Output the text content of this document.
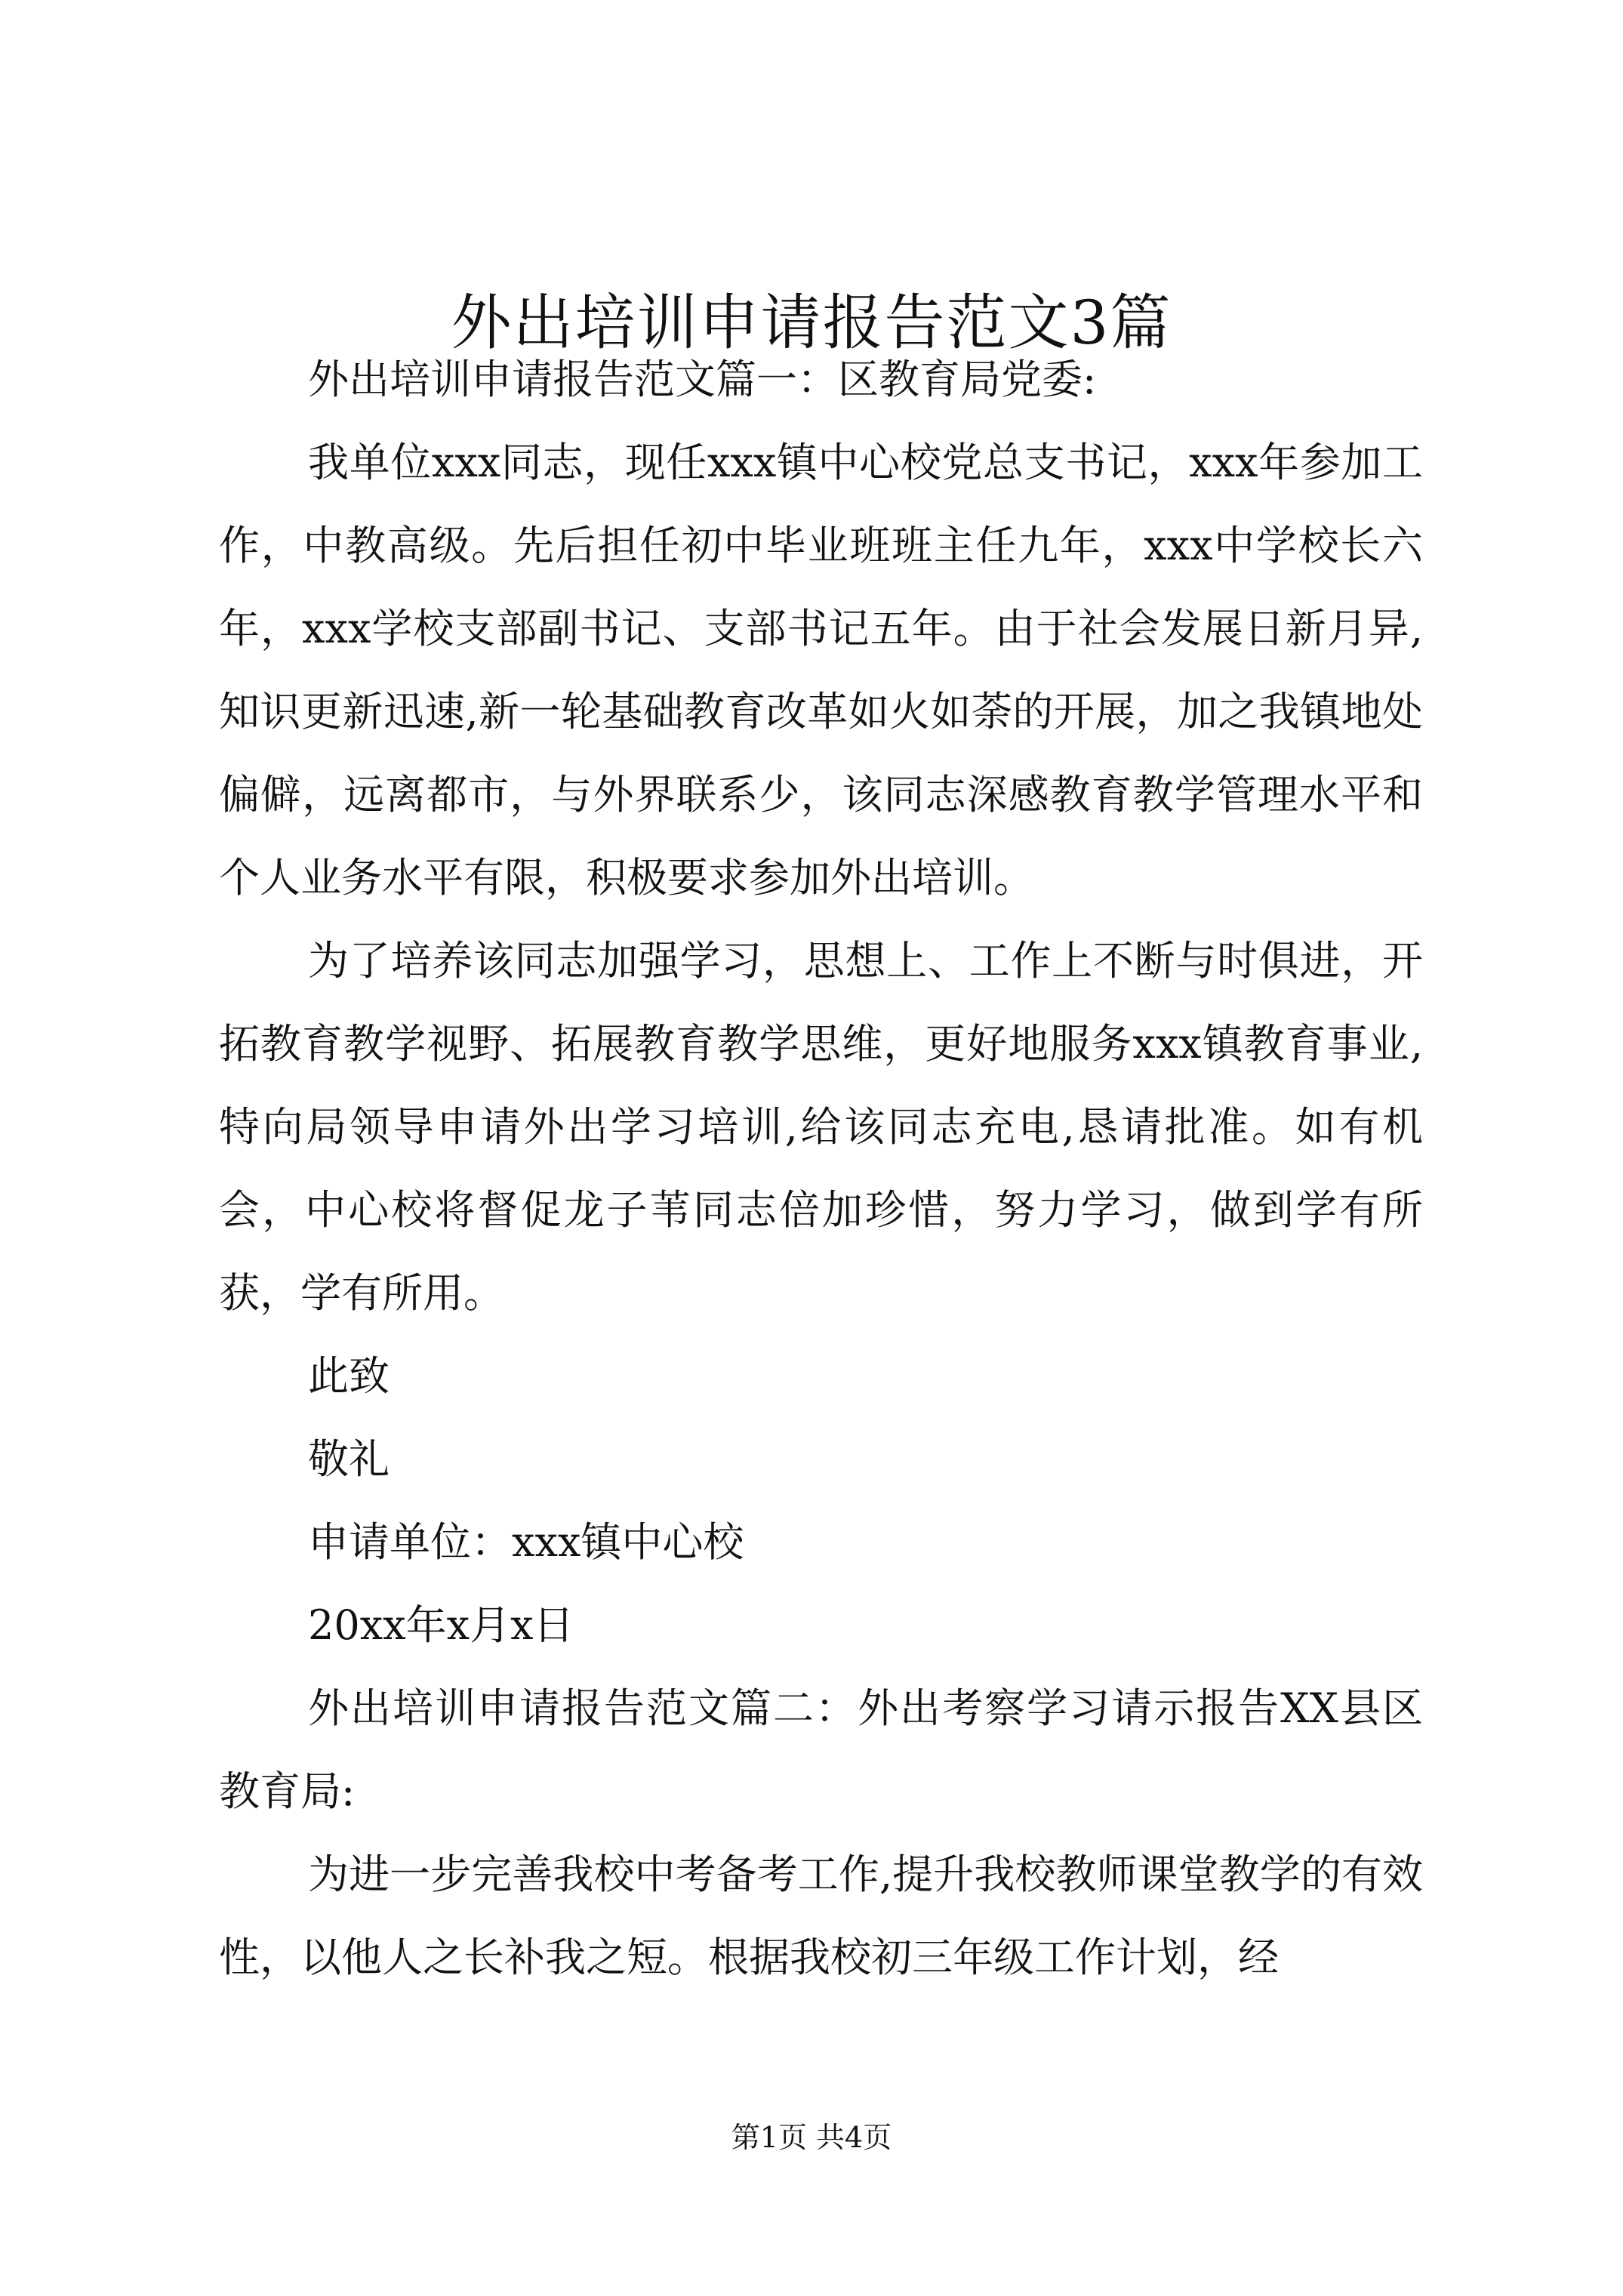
外出培训申请报告范文3篇

外出培训申请报告范文篇一：区教育局党委:

我单位xxx同志，现任xxx镇中心校党总支书记，xxx年参加工作，中教高级。先后担任初中毕业班班主任九年，xxx中学校长六年，xxx学校支部副书记、支部书记五年。由于社会发展日新月异,知识更新迅速,新一轮基础教育改革如火如荼的开展，加之我镇地处偏僻，远离都市，与外界联系少，该同志深感教育教学管理水平和个人业务水平有限，积极要求参加外出培训。

为了培养该同志加强学习，思想上、工作上不断与时俱进，开拓教育教学视野、拓展教育教学思维，更好地服务xxx镇教育事业,特向局领导申请外出学习培训,给该同志充电,恳请批准。如有机会，中心校将督促龙子苇同志倍加珍惜，努力学习，做到学有所获，学有所用。

此致

敬礼

申请单位：xxx镇中心校

20xx年x月x日

外出培训申请报告范文篇二：外出考察学习请示报告XX县区教育局:

为进一步完善我校中考备考工作,提升我校教师课堂教学的有效性，以他人之长补我之短。根据我校初三年级工作计划，经

第1页 共4页
